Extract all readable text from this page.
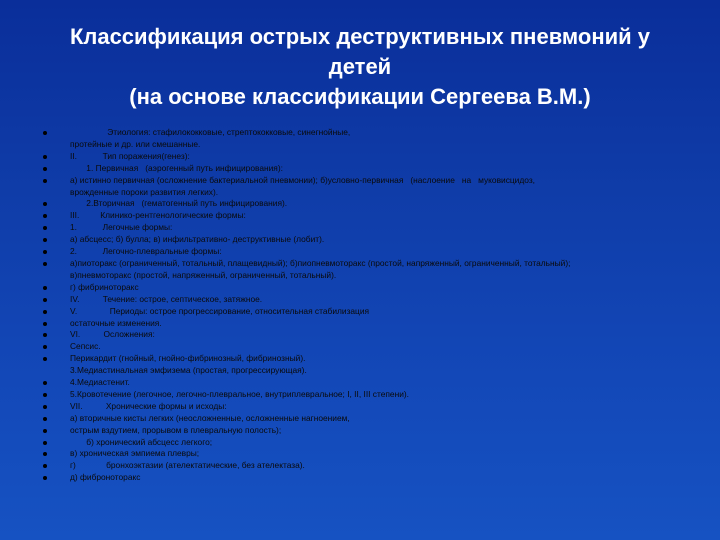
Классификация острых деструктивных пневмоний у
детей
(на основе классификации Сергеева В.М.)
Этиология: стафилококковые, стрептококковые, синегнойные,
протейные и др. или смешанные.
II.           Тип поражения(генез):
1. Первичная   (аэрогенный путь инфицирования):
а) истинно первичная (осложнение бактериальной пневмонии); б)условно-первичная   (наслоение   на   муковисцидоз,
врожденные пороки развития легких).
2.Вторичная   (гематогенный путь инфицирования).
III.         Клинико-рентгенологические формы:
1.           Легочные формы:
а) абсцесс; б) булла; в) инфильтративно- деструктивные (лобит).
2.           Легочно-плевральные формы:
а)пиоторакс (ограниченный, тотальный, плащевидный); б)пиопневмоторакс (простой, напряженный, ограниченный, тотальный);
в)пневмоторакс (простой, напряженный, ограниченный, тотальный).
г) фибриноторакс
IV.          Течение: острое, септическое, затяжное.
V.              Периоды: острое прогрессирование, относительная стабилизация
остаточные изменения.
VI.          Осложнения:
Сепсис.
Перикардит (гнойный, гнойно-фибринозный, фибринозный).
3.Медиастинальная эмфизема (простая, прогрессирующая).
4.Медиастенит.
5.Кровотечение (легочное, легочно-плевральное, внутриплевральное; I, II, III степени).
VII.          Хронические формы и исходы:
а) вторичные кисты легких (неосложненные, осложненные нагноением,
острым вздутием, прорывом в плевральную полость);
б) хронический абсцесс легкого;
в) хроническая эмпиема плевры;
г)             бронхоэктазии (ателектатические, без ателектаза).
д) фиброноторакс
